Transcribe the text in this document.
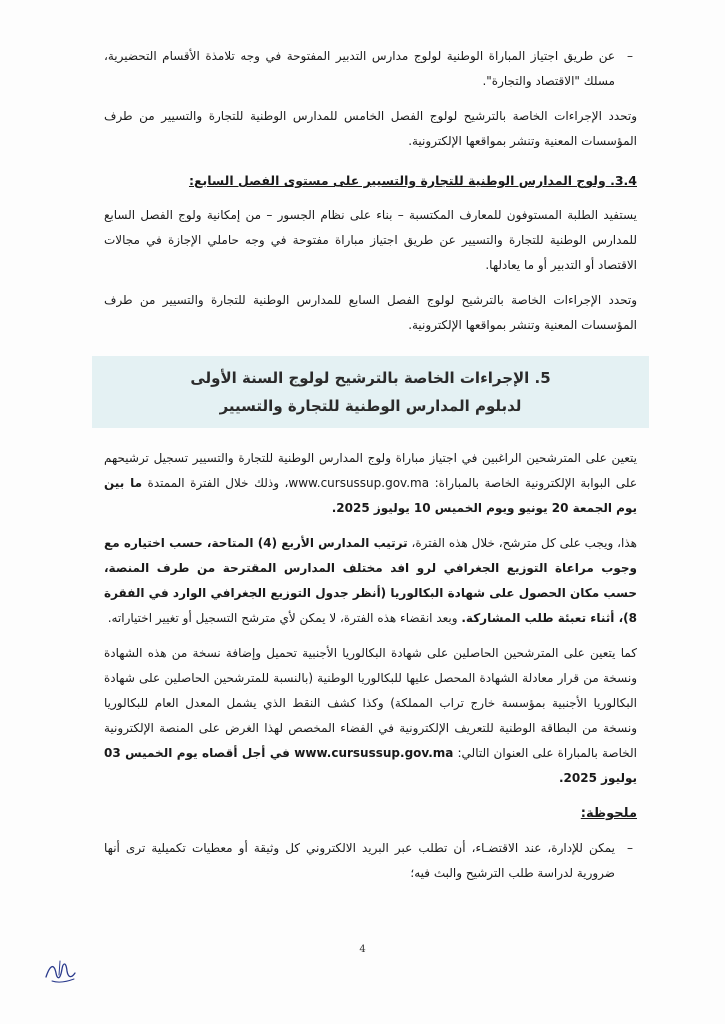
–
عن طريق اجتياز المباراة الوطنية لولوج مدارس التدبير المفتوحة في وجه تلامذة الأقسام التحضيرية، مسلك "الاقتصاد والتجارة".

وتحدد الإجراءات الخاصة بالترشيح لولوج الفصل الخامس للمدارس الوطنية للتجارة والتسيير من طرف المؤسسات المعنية وتنشر بمواقعها الإلكترونية.

3.4. ولوج المدارس الوطنية للتجارة والتسيير على مستوى الفصل السابع:

يستفيد الطلبة المستوفون للمعارف المكتسبة – بناء على نظام الجسور – من إمكانية ولوج الفصل السابع للمدارس الوطنية للتجارة والتسيير عن طريق اجتياز مباراة مفتوحة في وجه حاملي الإجازة في مجالات الاقتصاد أو التدبير أو ما يعادلها.

وتحدد الإجراءات الخاصة بالترشيح لولوج الفصل السابع للمدارس الوطنية للتجارة والتسيير من طرف المؤسسات المعنية وتنشر بمواقعها الإلكترونية.

5. الإجراءات الخاصة بالترشيح لولوج السنة الأولى
لدبلوم المدارس الوطنية للتجارة والتسيير

يتعين على المترشحين الراغبين في اجتياز مباراة ولوج المدارس الوطنية للتجارة والتسيير تسجيل ترشيحهم على البوابة الإلكترونية الخاصة بالمباراة: www.cursussup.gov.ma، وذلك خلال الفترة الممتدة ما بين يوم الجمعة 20 يونيو ويوم الخميس 10 يوليوز 2025.

هذا، ويجب على كل مترشح، خلال هذه الفترة، ترتيب المدارس الأربع (4) المتاحة، حسب اختياره مع وجوب مراعاة التوزيع الجغرافي لرو افد مختلف المدارس المقترحة من طرف المنصة، حسب مكان الحصول على شهادة البكالوريا (أنظر جدول التوزيع الجغرافي الوارد في الفقرة 8)، أثناء تعبئة طلب المشاركة. وبعد انقضاء هذه الفترة، لا يمكن لأي مترشح التسجيل أو تغيير اختياراته.

كما يتعين على المترشحين الحاصلين على شهادة البكالوريا الأجنبية تحميل وإضافة نسخة من هذه الشهادة ونسخة من قرار معادلة الشهادة المحصل عليها للبكالوريا الوطنية (بالنسبة للمترشحين الحاصلين على شهادة البكالوريا الأجنبية بمؤسسة خارج تراب المملكة) وكذا كشف النقط الذي يشمل المعدل العام للبكالوريا ونسخة من البطاقة الوطنية للتعريف الإلكترونية في الفضاء المخصص لهذا الغرض على المنصة الإلكترونية الخاصة بالمباراة على العنوان التالي: www.cursussup.gov.ma في أجل أقصاه يوم الخميس 03 يوليوز 2025.

ملحوظة:
–
يمكن للإدارة، عند الاقتضـاء، أن تطلب عبر البريد الالكتروني كل وثيقة أو معطيات تكميلية ترى أنها ضرورية لدراسة طلب الترشيح والبث فيه؛
4
